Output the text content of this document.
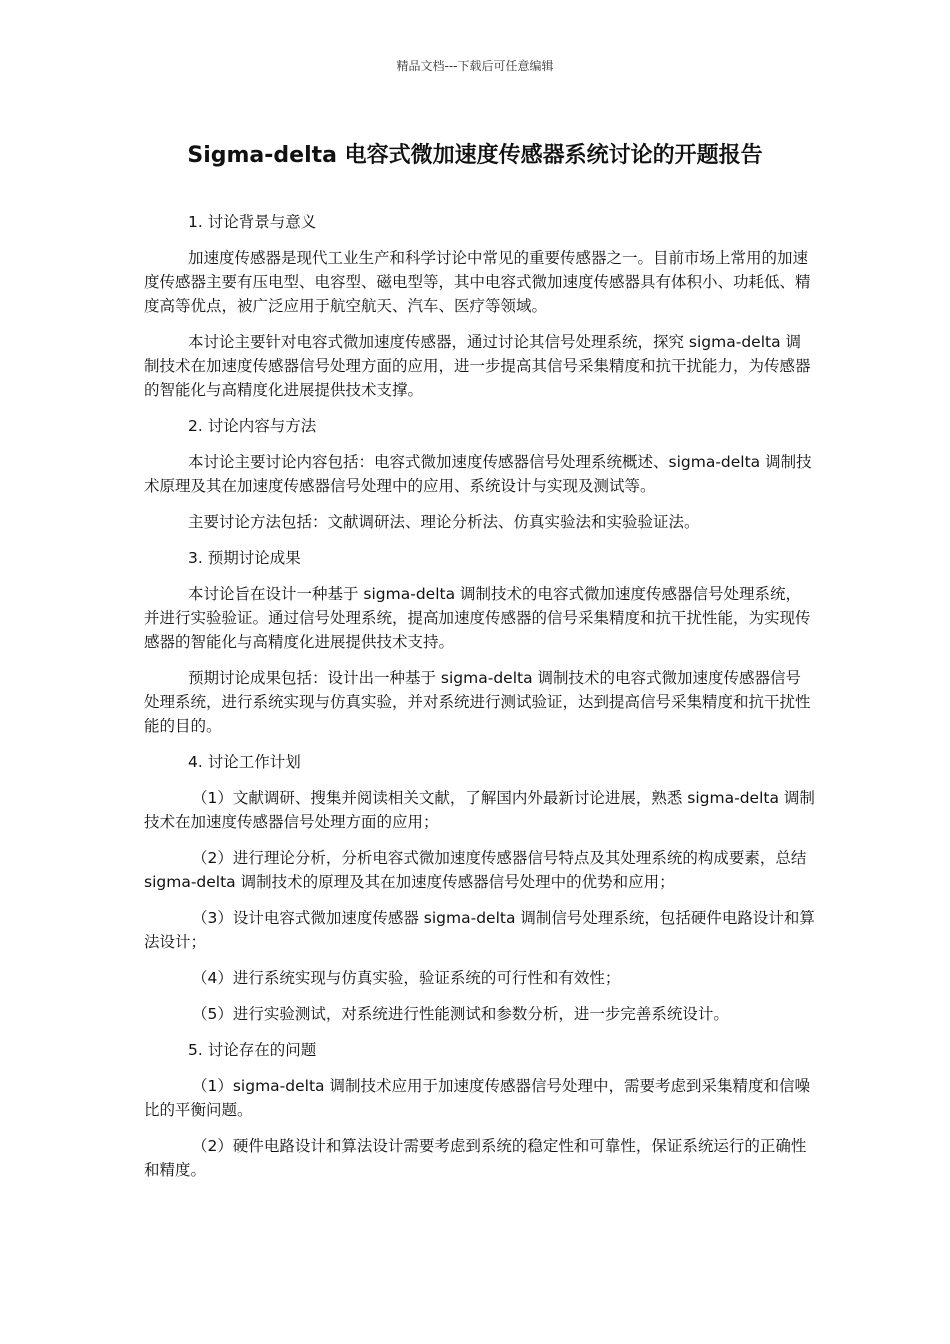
精品文档---下载后可任意编辑
Sigma-delta 电容式微加速度传感器系统讨论的开题报告

1. 讨论背景与意义

加速度传感器是现代工业生产和科学讨论中常见的重要传感器之一。目前市场上常用的加速度传感器主要有压电型、电容型、磁电型等，其中电容式微加速度传感器具有体积小、功耗低、精度高等优点，被广泛应用于航空航天、汽车、医疗等领域。

本讨论主要针对电容式微加速度传感器，通过讨论其信号处理系统，探究 sigma-delta 调制技术在加速度传感器信号处理方面的应用，进一步提高其信号采集精度和抗干扰能力，为传感器的智能化与高精度化进展提供技术支撑。

2. 讨论内容与方法

本讨论主要讨论内容包括：电容式微加速度传感器信号处理系统概述、sigma-delta 调制技术原理及其在加速度传感器信号处理中的应用、系统设计与实现及测试等。

主要讨论方法包括：文献调研法、理论分析法、仿真实验法和实验验证法。

3. 预期讨论成果

本讨论旨在设计一种基于 sigma-delta 调制技术的电容式微加速度传感器信号处理系统，并进行实验验证。通过信号处理系统，提高加速度传感器的信号采集精度和抗干扰性能，为实现传感器的智能化与高精度化进展提供技术支持。

预期讨论成果包括：设计出一种基于 sigma-delta 调制技术的电容式微加速度传感器信号处理系统，进行系统实现与仿真实验，并对系统进行测试验证，达到提高信号采集精度和抗干扰性能的目的。

4. 讨论工作计划

（1）文献调研、搜集并阅读相关文献，了解国内外最新讨论进展，熟悉 sigma-delta 调制技术在加速度传感器信号处理方面的应用；

（2）进行理论分析，分析电容式微加速度传感器信号特点及其处理系统的构成要素，总结 sigma-delta 调制技术的原理及其在加速度传感器信号处理中的优势和应用；

（3）设计电容式微加速度传感器 sigma-delta 调制信号处理系统，包括硬件电路设计和算法设计；

（4）进行系统实现与仿真实验，验证系统的可行性和有效性；

（5）进行实验测试，对系统进行性能测试和参数分析，进一步完善系统设计。

5. 讨论存在的问题

（1）sigma-delta 调制技术应用于加速度传感器信号处理中，需要考虑到采集精度和信噪比的平衡问题。

（2）硬件电路设计和算法设计需要考虑到系统的稳定性和可靠性，保证系统运行的正确性和精度。
